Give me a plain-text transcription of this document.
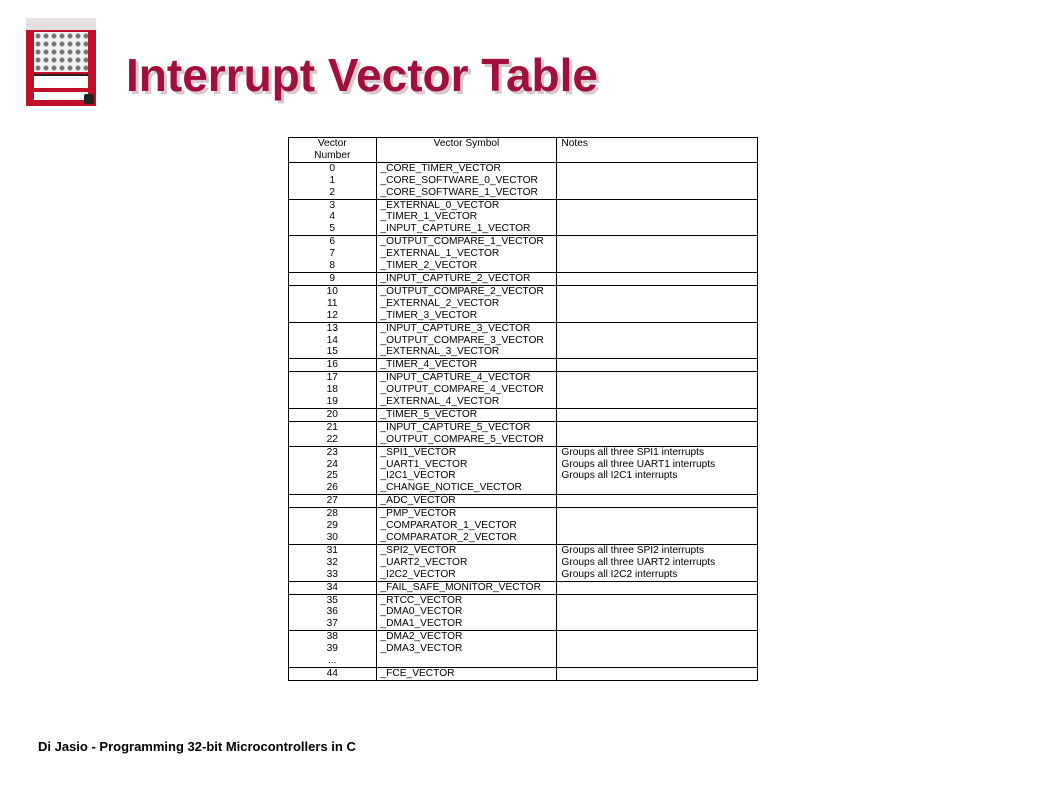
Interrupt Vector Table
Vector
Number	Vector Symbol	Notes
0	_CORE_TIMER_VECTOR	
1	_CORE_SOFTWARE_0_VECTOR	
2	_CORE_SOFTWARE_1_VECTOR	
3	_EXTERNAL_0_VECTOR	
4	_TIMER_1_VECTOR	
5	_INPUT_CAPTURE_1_VECTOR	
6	_OUTPUT_COMPARE_1_VECTOR	
7	_EXTERNAL_1_VECTOR	
8	_TIMER_2_VECTOR	
9	_INPUT_CAPTURE_2_VECTOR	
10	_OUTPUT_COMPARE_2_VECTOR	
11	_EXTERNAL_2_VECTOR	
12	_TIMER_3_VECTOR	
13	_INPUT_CAPTURE_3_VECTOR	
14	_OUTPUT_COMPARE_3_VECTOR	
15	_EXTERNAL_3_VECTOR	
16	_TIMER_4_VECTOR	
17	_INPUT_CAPTURE_4_VECTOR	
18	_OUTPUT_COMPARE_4_VECTOR	
19	_EXTERNAL_4_VECTOR	
20	_TIMER_5_VECTOR	
21	_INPUT_CAPTURE_5_VECTOR	
22	_OUTPUT_COMPARE_5_VECTOR	
23	_SPI1_VECTOR	Groups all three SPI1 interrupts
24	_UART1_VECTOR	Groups all three UART1 interrupts
25	_I2C1_VECTOR	Groups all I2C1 interrupts
26	_CHANGE_NOTICE_VECTOR	
27	_ADC_VECTOR	
28	_PMP_VECTOR	
29	_COMPARATOR_1_VECTOR	
30	_COMPARATOR_2_VECTOR	
31	_SPI2_VECTOR	Groups all three SPI2 interrupts
32	_UART2_VECTOR	Groups all three UART2 interrupts
33	_I2C2_VECTOR	Groups all I2C2 interrupts
34	_FAIL_SAFE_MONITOR_VECTOR	
35	_RTCC_VECTOR	
36	_DMA0_VECTOR	
37	_DMA1_VECTOR	
38	_DMA2_VECTOR	
39	_DMA3_VECTOR	
...		
44	_FCE_VECTOR	

Di Jasio - Programming 32-bit Microcontrollers in C
